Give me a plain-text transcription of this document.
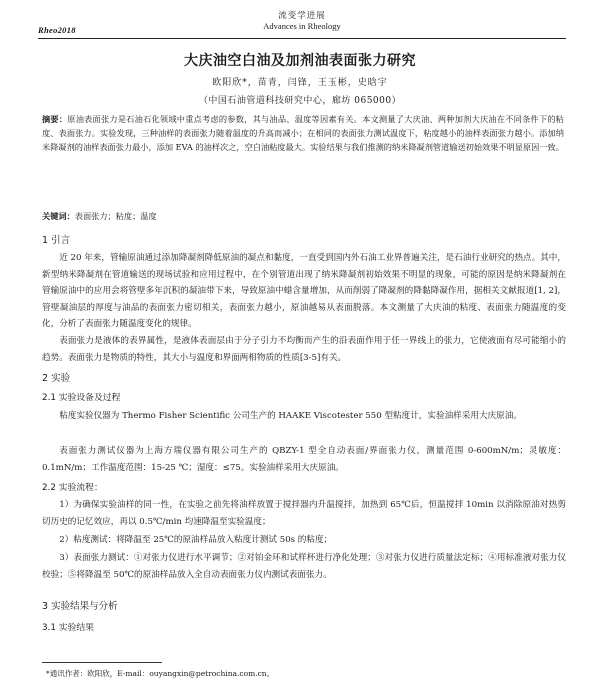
Rheo2018
流变学进展
Advances in Rheology
大庆油空白油及加剂油表面张力研究
欧阳欣*，苗青，闫锋，王玉彬，史晗宇
（中国石油管道科技研究中心，廊坊 065000）
摘要：原油表面张力是石油石化领域中重点考虑的参数，其与油品、温度等因素有关。本文测量了大庆油、两种加剂大庆油在不同条件下的粘度、表面张力。实验发现，三种油样的表面张力随着温度的升高而减小；在相同的表面张力测试温度下，粘度越小的油样表面张力越小。添加纳米降凝剂的油样表面张力最小，添加 EVA 的油样次之，空白油粘度最大。实验结果与我们推测的纳米降凝剂管道输送初始效果不明显原因一致。
关键词：表面张力；粘度；温度
1 引言
近 20 年来，管输原油通过添加降凝剂降低原油的凝点和黏度，一直受到国内外石油工业界普遍关注，是石油行业研究的热点。其中，新型纳米降凝剂在管道输送的现场试验和应用过程中，在个别管道出现了纳米降凝剂初始效果不明显的现象，可能的原因是纳米降凝剂在管输原油中的应用会将管壁多年沉积的凝油带下来，导致原油中蜡含量增加，从而削弱了降凝剂的降黏降凝作用，据相关文献报道[1, 2]，管壁凝油层的厚度与油品的表面张力密切相关，表面张力越小，原油越易从表面脱落。本文测量了大庆油的粘度、表面张力随温度的变化，分析了表面张力随温度变化的规律。
表面张力是液体的表界属性，是液体表面层由于分子引力不均衡而产生的沿表面作用于任一界线上的张力，它使液面有尽可能缩小的趋势。表面张力是物质的特性，其大小与温度和界面两相物质的性质[3-5]有关。
2 实验
2.1 实验设备及过程
粘度实验仪器为 Thermo Fisher Scientific 公司生产的 HAAKE Viscotester 550 型粘度计，实验油样采用大庆原油。
表面张力测试仪器为上海方瑞仪器有限公司生产的 QBZY-1 型全自动表面/界面张力仪，测量范围 0-600mN/m；灵敏度：0.1mN/m；工作温度范围：15-25 ℃；湿度：≤75。实验油样采用大庆原油。
2.2 实验流程：
1）为确保实验油样的同一性，在实验之前先将油样放置于搅拌器内升温搅拌，加热到 65℃后，恒温搅拌 10min 以消除原油对热剪切历史的记忆效应，再以 0.5℃/min 均速降温至实验温度；
2）粘度测试：将降温至 25℃的原油样品放入粘度计测试 50s 的粘度；
3）表面张力测试：①对张力仪进行水平调节；②对铂金环和试样杯进行净化处理；③对张力仪进行质量法定标；④用标准液对张力仪校验；⑤将降温至 50℃的原油样品放入全自动表面张力仪内测试表面张力。
3 实验结果与分析
3.1 实验结果
*通讯作者：欧阳欣，E-mail：ouyangxin@petrochina.com.cn。
